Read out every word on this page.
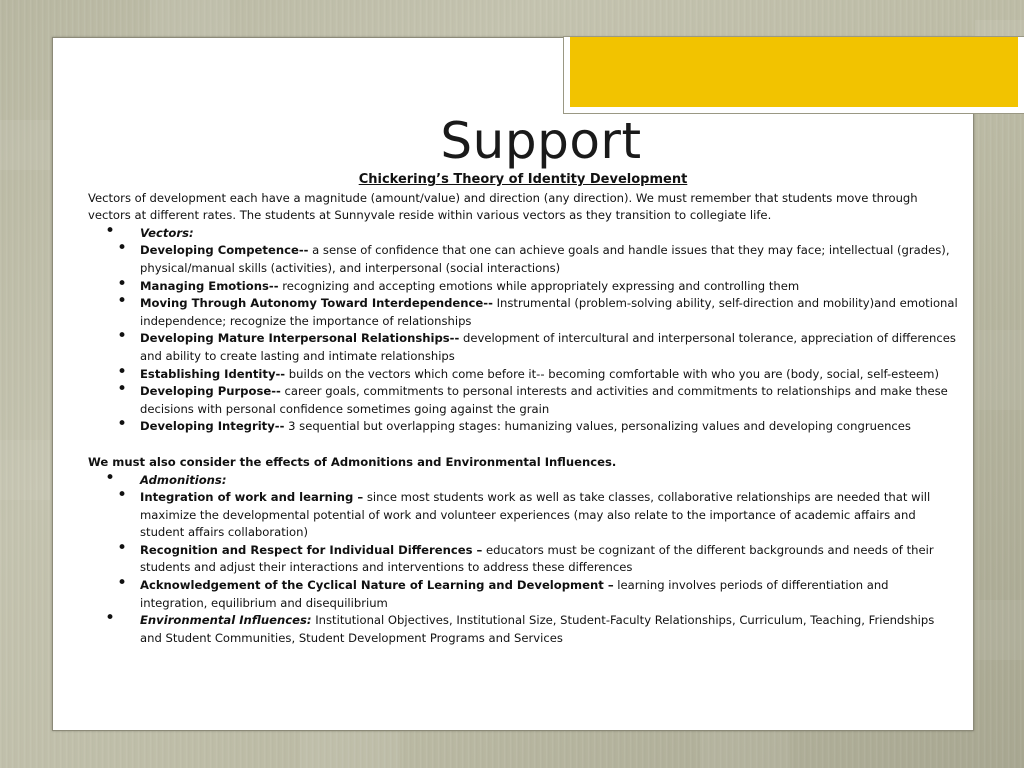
Support
Chickering’s Theory of Identity Development

Vectors of development each have a magnitude (amount/value) and direction (any direction). We must remember that students move through vectors at different rates. The students at Sunnyvale reside within various vectors as they transition to collegiate life.

• Vectors:
• Developing Competence-- a sense of confidence that one can achieve goals and handle issues that they may face; intellectual (grades), physical/manual skills (activities), and interpersonal (social interactions)
• Managing Emotions-- recognizing and accepting emotions while appropriately expressing and controlling them
• Moving Through Autonomy Toward Interdependence-- Instrumental (problem-solving ability, self-direction and mobility)and emotional independence; recognize the importance of relationships
• Developing Mature Interpersonal Relationships-- development of intercultural and interpersonal tolerance, appreciation of differences and ability to create lasting and intimate relationships
• Establishing Identity-- builds on the vectors which come before it-- becoming comfortable with who you are (body, social, self-esteem)
• Developing Purpose-- career goals, commitments to personal interests and activities and commitments to relationships and make these decisions with personal confidence sometimes going against the grain
• Developing Integrity-- 3 sequential but overlapping stages: humanizing values, personalizing values and developing congruences

We must also consider the effects of Admonitions and Environmental Influences.

• Admonitions:
• Integration of work and learning – since most students work as well as take classes, collaborative relationships are needed that will maximize the developmental potential of work and volunteer experiences (may also relate to the importance of academic affairs and student affairs collaboration)
• Recognition and Respect for Individual Differences – educators must be cognizant of the different backgrounds and needs of their students and adjust their interactions and interventions to address these differences
• Acknowledgement of the Cyclical Nature of Learning and Development – learning involves periods of differentiation and integration, equilibrium and disequilibrium
• Environmental Influences: Institutional Objectives, Institutional Size, Student-Faculty Relationships, Curriculum, Teaching, Friendships and Student Communities, Student Development Programs and Services
